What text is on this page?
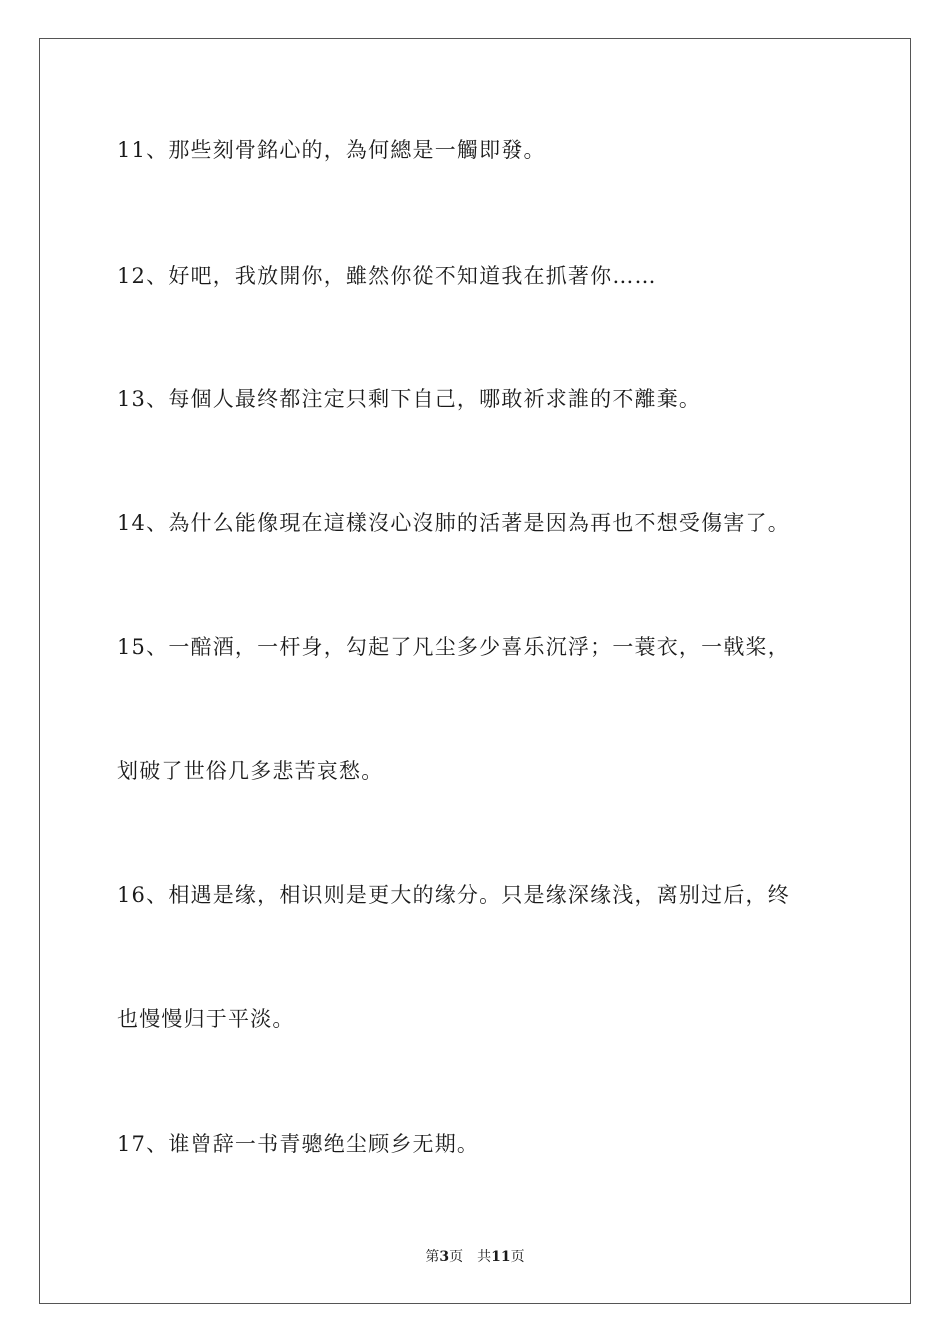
11、那些刻骨銘心的，為何總是一觸即發。
12、好吧，我放開你，雖然你從不知道我在抓著你……
13、每個人最终都注定只剩下自己，哪敢祈求誰的不離棄。
14、為什么能像現在這樣沒心沒肺的活著是因為再也不想受傷害了。
15、一醅酒，一杆身，勾起了凡尘多少喜乐沉浮；一蓑衣，一戟桨，
划破了世俗几多悲苦哀愁。
16、相遇是缘，相识则是更大的缘分。只是缘深缘浅，离别过后，终
也慢慢归于平淡。
17、谁曾辞一书青骢绝尘顾乡无期。
第3页 共11页
